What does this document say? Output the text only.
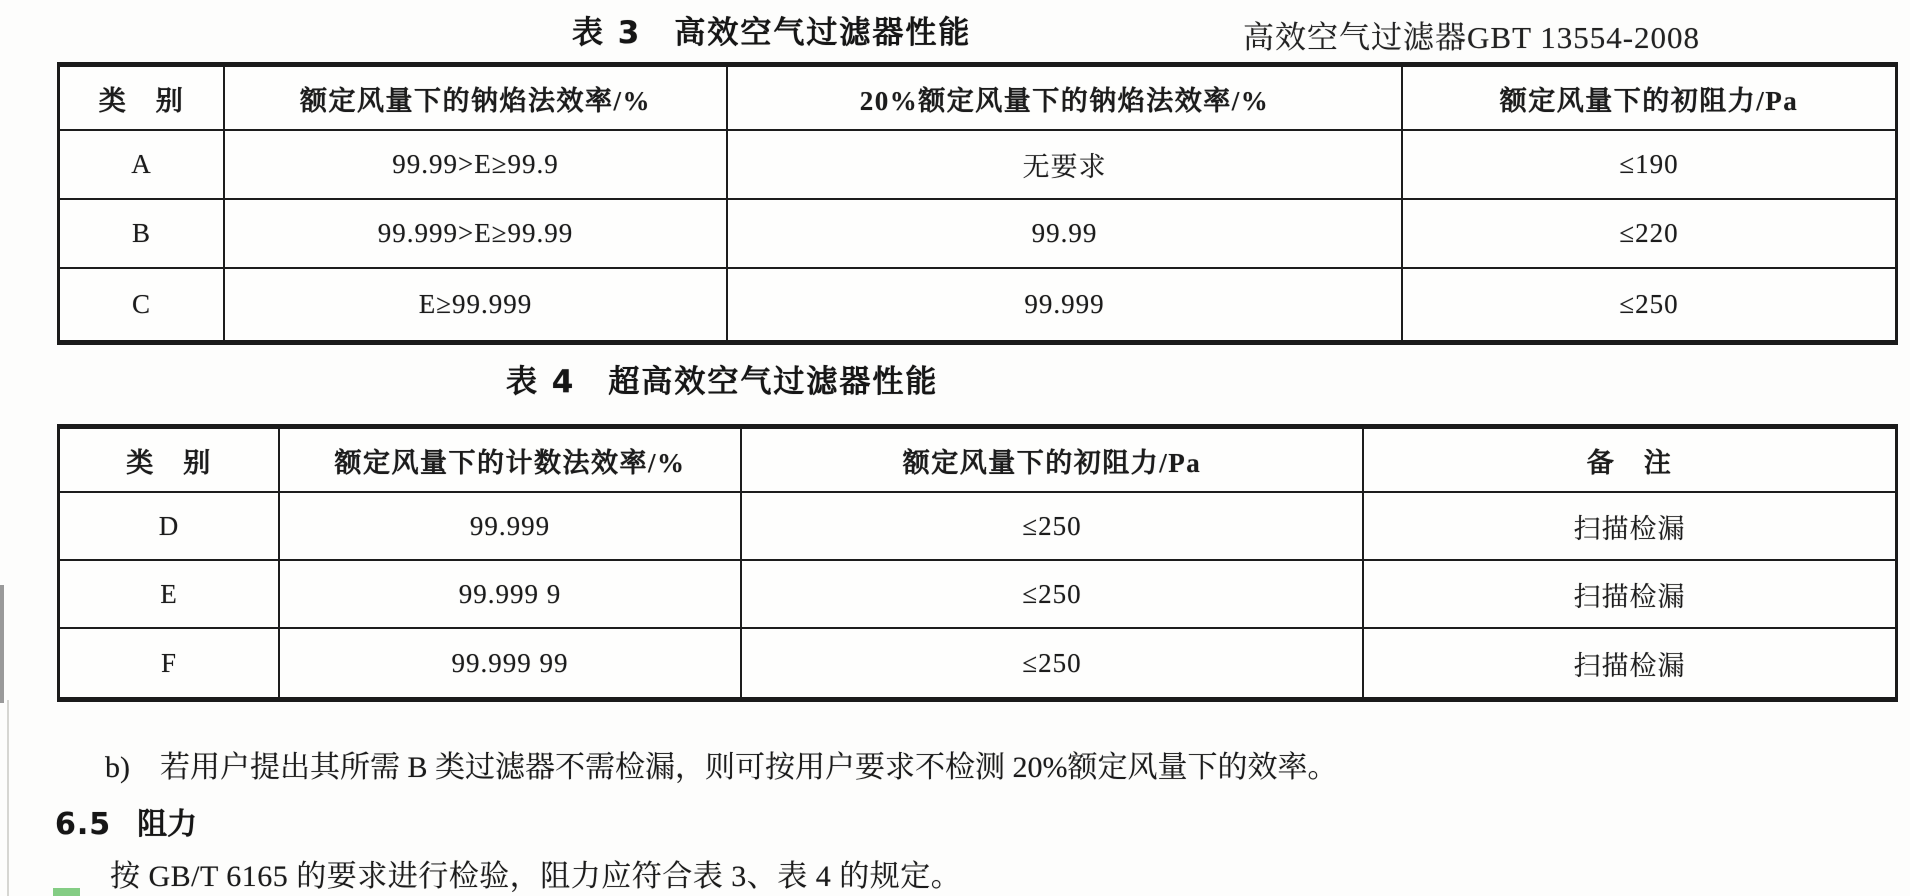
表 3　高效空气过滤器性能	高效空气过滤器GBT 13554-2008
类　别	额定风量下的钠焰法效率/%	20%额定风量下的钠焰法效率/%	额定风量下的初阻力/Pa
A	99.99>E≥99.9	无要求	≤190
B	99.999>E≥99.99	99.99	≤220
C	E≥99.999	99.999	≤250
表 4　超高效空气过滤器性能
类　别	额定风量下的计数法效率/%	额定风量下的初阻力/Pa	备　注
D	99.999	≤250	扫描检漏
E	99.999 9	≤250	扫描检漏
F	99.999 99	≤250	扫描检漏
b) 若用户提出其所需 B 类过滤器不需检漏，则可按用户要求不检测 20%额定风量下的效率。
6.5 阻力
按 GB/T 6165 的要求进行检验，阻力应符合表 3、表 4 的规定。
